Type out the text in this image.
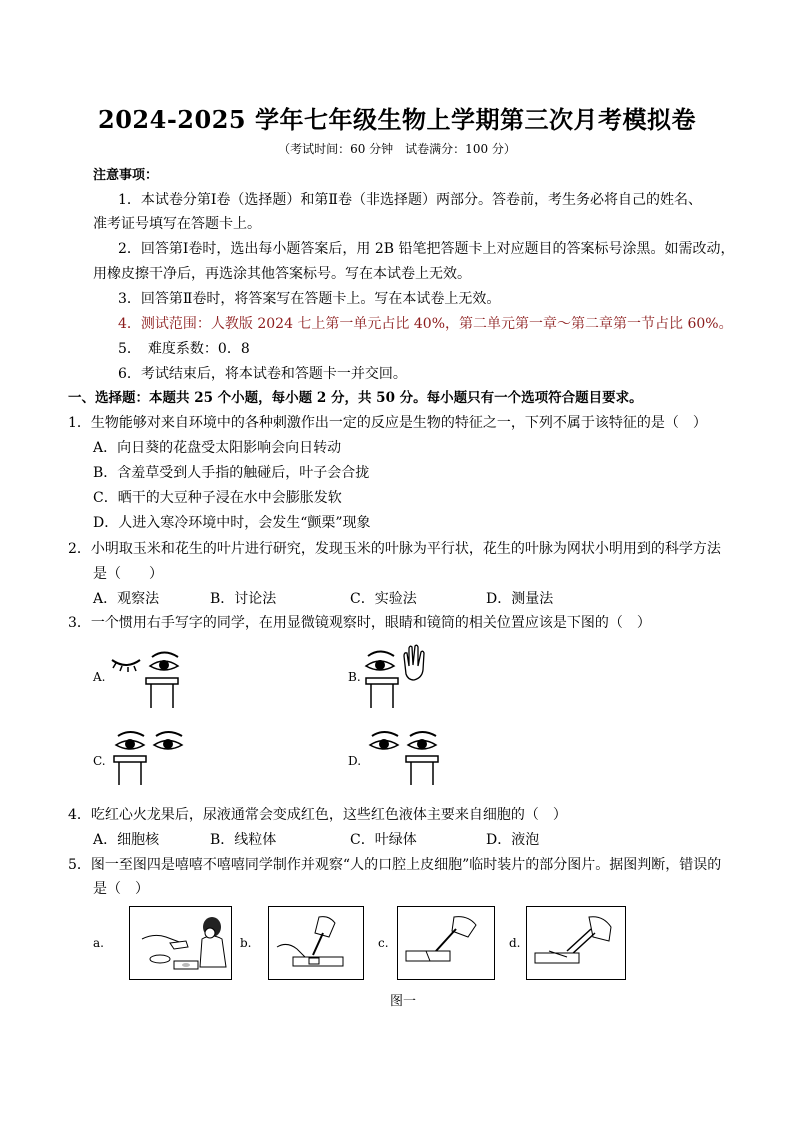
2024-2025 学年七年级生物上学期第三次月考模拟卷
（考试时间：60 分钟　试卷满分：100 分）
注意事项：
1．本试卷分第Ⅰ卷（选择题）和第Ⅱ卷（非选择题）两部分。答卷前，考生务必将自己的姓名、
准考证号填写在答题卡上。
2．回答第Ⅰ卷时，选出每小题答案后，用 2B 铅笔把答题卡上对应题目的答案标号涂黑。如需改动，
用橡皮擦干净后，再选涂其他答案标号。写在本试卷上无效。
3．回答第Ⅱ卷时，将答案写在答题卡上。写在本试卷上无效。
4．测试范围：人教版 2024 七上第一单元占比 40%，第二单元第一章～第二章第一节占比 60%。
5．　难度系数：0．8
6．考试结束后，将本试卷和答题卡一并交回。
一、选择题：本题共 25 个小题，每小题 2 分，共 50 分。每小题只有一个选项符合题目要求。
1．生物能够对来自环境中的各种刺激作出一定的反应是生物的特征之一，下列不属于该特征的是（　）
A．向日葵的花盘受太阳影响会向日转动
B．含羞草受到人手指的触碰后，叶子会合拢
C．晒干的大豆种子浸在水中会膨胀发软
D．人进入寒冷环境中时，会发生“颤栗”现象
2．小明取玉米和花生的叶片进行研究，发现玉米的叶脉为平行状，花生的叶脉为网状小明用到的科学方法
是（　　）
A．观察法	B．讨论法	C．实验法	D．测量法
3．一个惯用右手写字的同学，在用显微镜观察时，眼睛和镜筒的相关位置应该是下图的（　）
A.	B.
C.	D.
4．吃红心火龙果后，尿液通常会变成红色，这些红色液体主要来自细胞的（　）
A．细胞核	B．线粒体	C．叶绿体	D．液泡
5．图一至图四是嘻嘻不嘻嘻同学制作并观察“人的口腔上皮细胞”临时装片的部分图片。据图判断，错误的
是（　）
a.	b.	c.	d.
图一
